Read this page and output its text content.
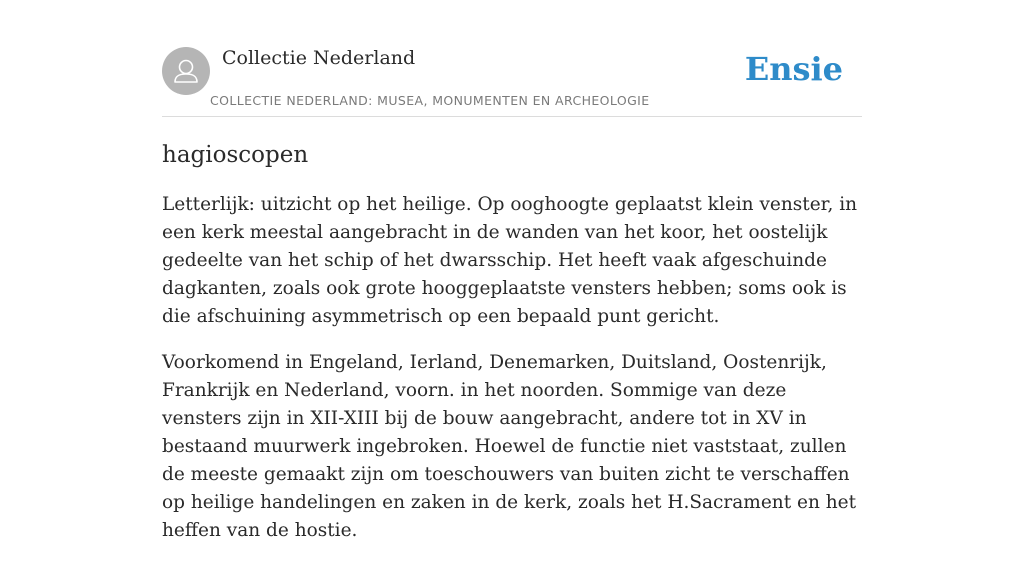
Collectie Nederland
COLLECTIE NEDERLAND: MUSEA, MONUMENTEN EN ARCHEOLOGIE
Ensie
hagioscopen

Letterlijk: uitzicht op het heilige. Op ooghoogte geplaatst klein venster, in een kerk meestal aangebracht in de wanden van het koor, het oostelijk gedeelte van het schip of het dwarsschip. Het heeft vaak afgeschuinde dagkanten, zoals ook grote hooggeplaatste vensters hebben; soms ook is die afschuining asymmetrisch op een bepaald punt gericht.

Voorkomend in Engeland, Ierland, Denemarken, Duitsland, Oostenrijk, Frankrijk en Nederland, voorn. in het noorden. Sommige van deze vensters zijn in XII-XIII bij de bouw aangebracht, andere tot in XV in bestaand muurwerk ingebroken. Hoewel de functie niet vaststaat, zullen de meeste gemaakt zijn om toeschouwers van buiten zicht te verschaffen op heilige handelingen en zaken in de kerk, zoals het H.Sacrament en het heffen van de hostie.
